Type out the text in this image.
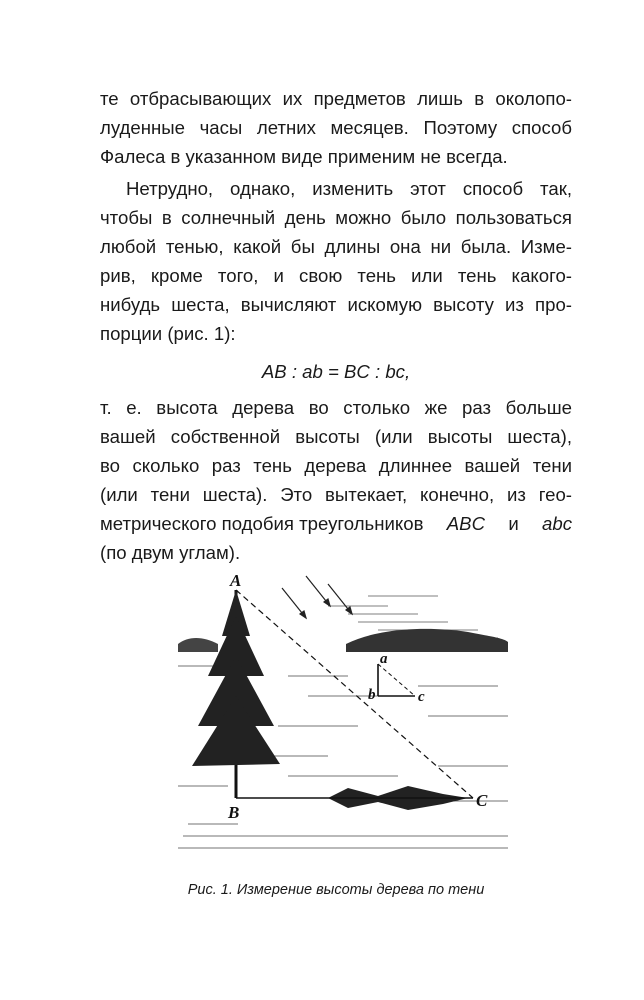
те отбрасывающих их предметов лишь в околопо-
луденные часы летних месяцев. Поэтому способ
Фалеса в указанном виде применим не всегда.
Нетрудно, однако, изменить этот способ так,
чтобы в солнечный день можно было пользоваться
любой тенью, какой бы длины она ни была. Изме-
рив, кроме того, и свою тень или тень какого-
нибудь шеста, вычисляют искомую высоту из про-
порции (рис. 1):
AB : ab = BC : bc,
т. е. высота дерева во столько же раз больше
вашей собственной высоты (или высоты шеста),
во сколько раз тень дерева длиннее вашей тени
(или тени шеста). Это вытекает, конечно, из гео-
метрического подобия треугольников ABC и abc
(по двум углам).
A
B
C
a
b	c
Рис. 1. Измерение высоты дерева по тени
